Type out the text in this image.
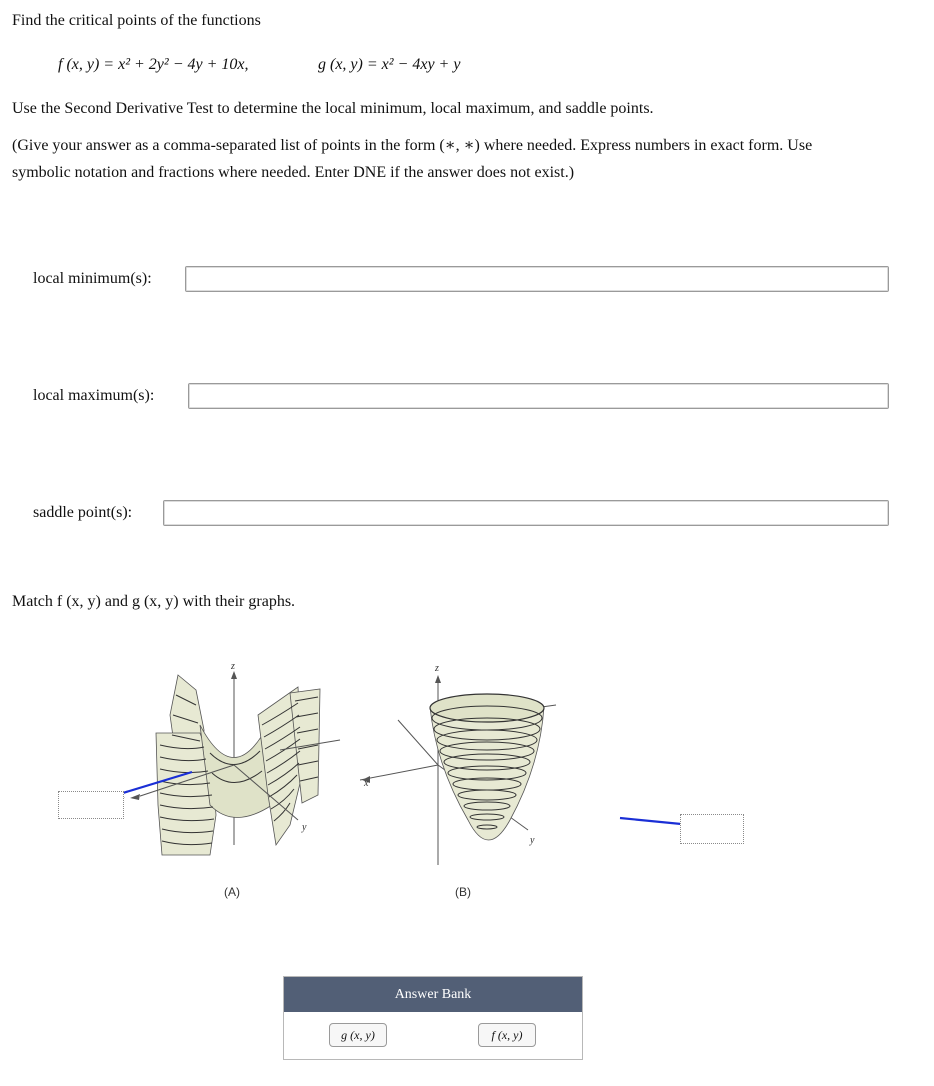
Find the critical points of the functions
f (x, y) = x² + 2y² − 4y + 10x,	g (x, y) = x² − 4xy + y
Use the Second Derivative Test to determine the local minimum, local maximum, and saddle points.
(Give your answer as a comma-separated list of points in the form (∗, ∗) where needed. Express numbers in exact form. Use
symbolic notation and fractions where needed. Enter DNE if the answer does not exist.)
local minimum(s):
local maximum(s):
saddle point(s):
Match f (x, y) and g (x, y) with their graphs.
z
y
(A)
z
x
y
(B)
Answer Bank
g (x, y)	f (x, y)
